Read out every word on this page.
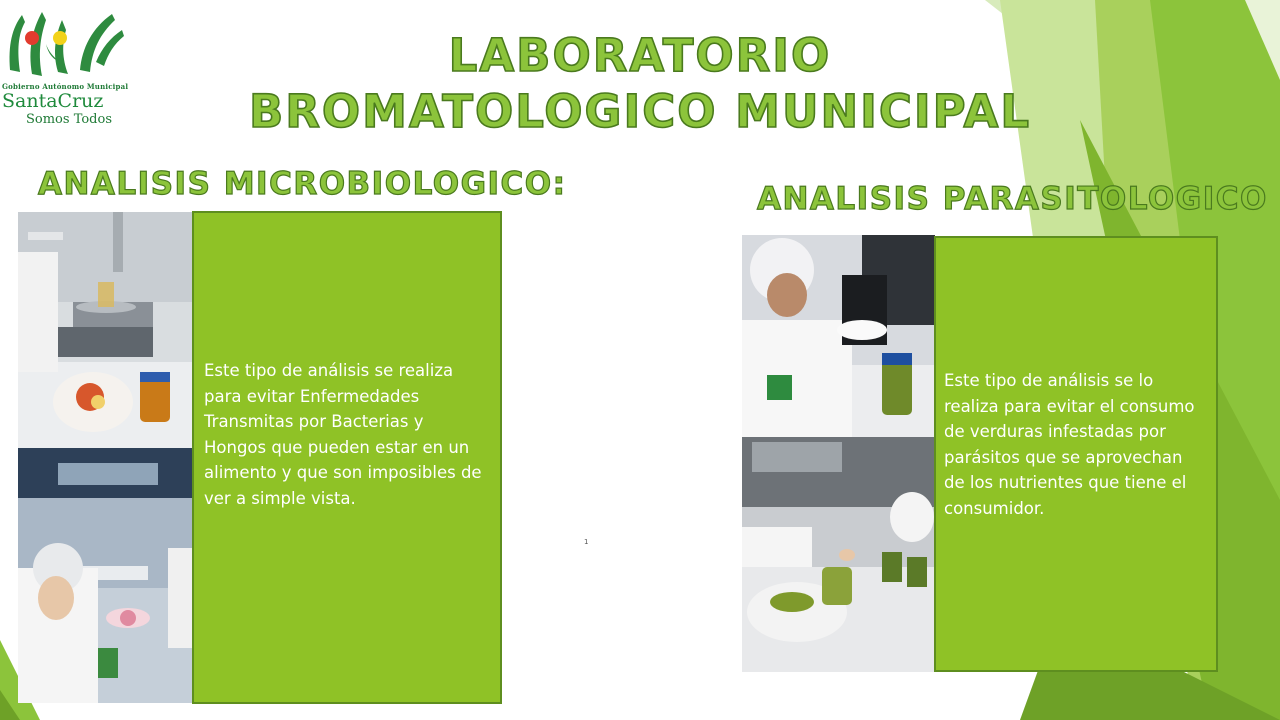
Gobierno Autónomo Municipal
SantaCruz
Somos Todos
LABORATORIO BROMATOLOGICO MUNICIPAL
ANALISIS MICROBIOLOGICO:	ANALISIS PARASITOLOGICO
Este tipo de análisis se realiza para evitar Enfermedades Transmitas por Bacterias y Hongos que pueden estar en un alimento y que son imposibles de ver a simple vista.
1
Este tipo de análisis se lo realiza para evitar el consumo de verduras infestadas por parásitos que se aprovechan de los nutrientes que tiene el consumidor.
